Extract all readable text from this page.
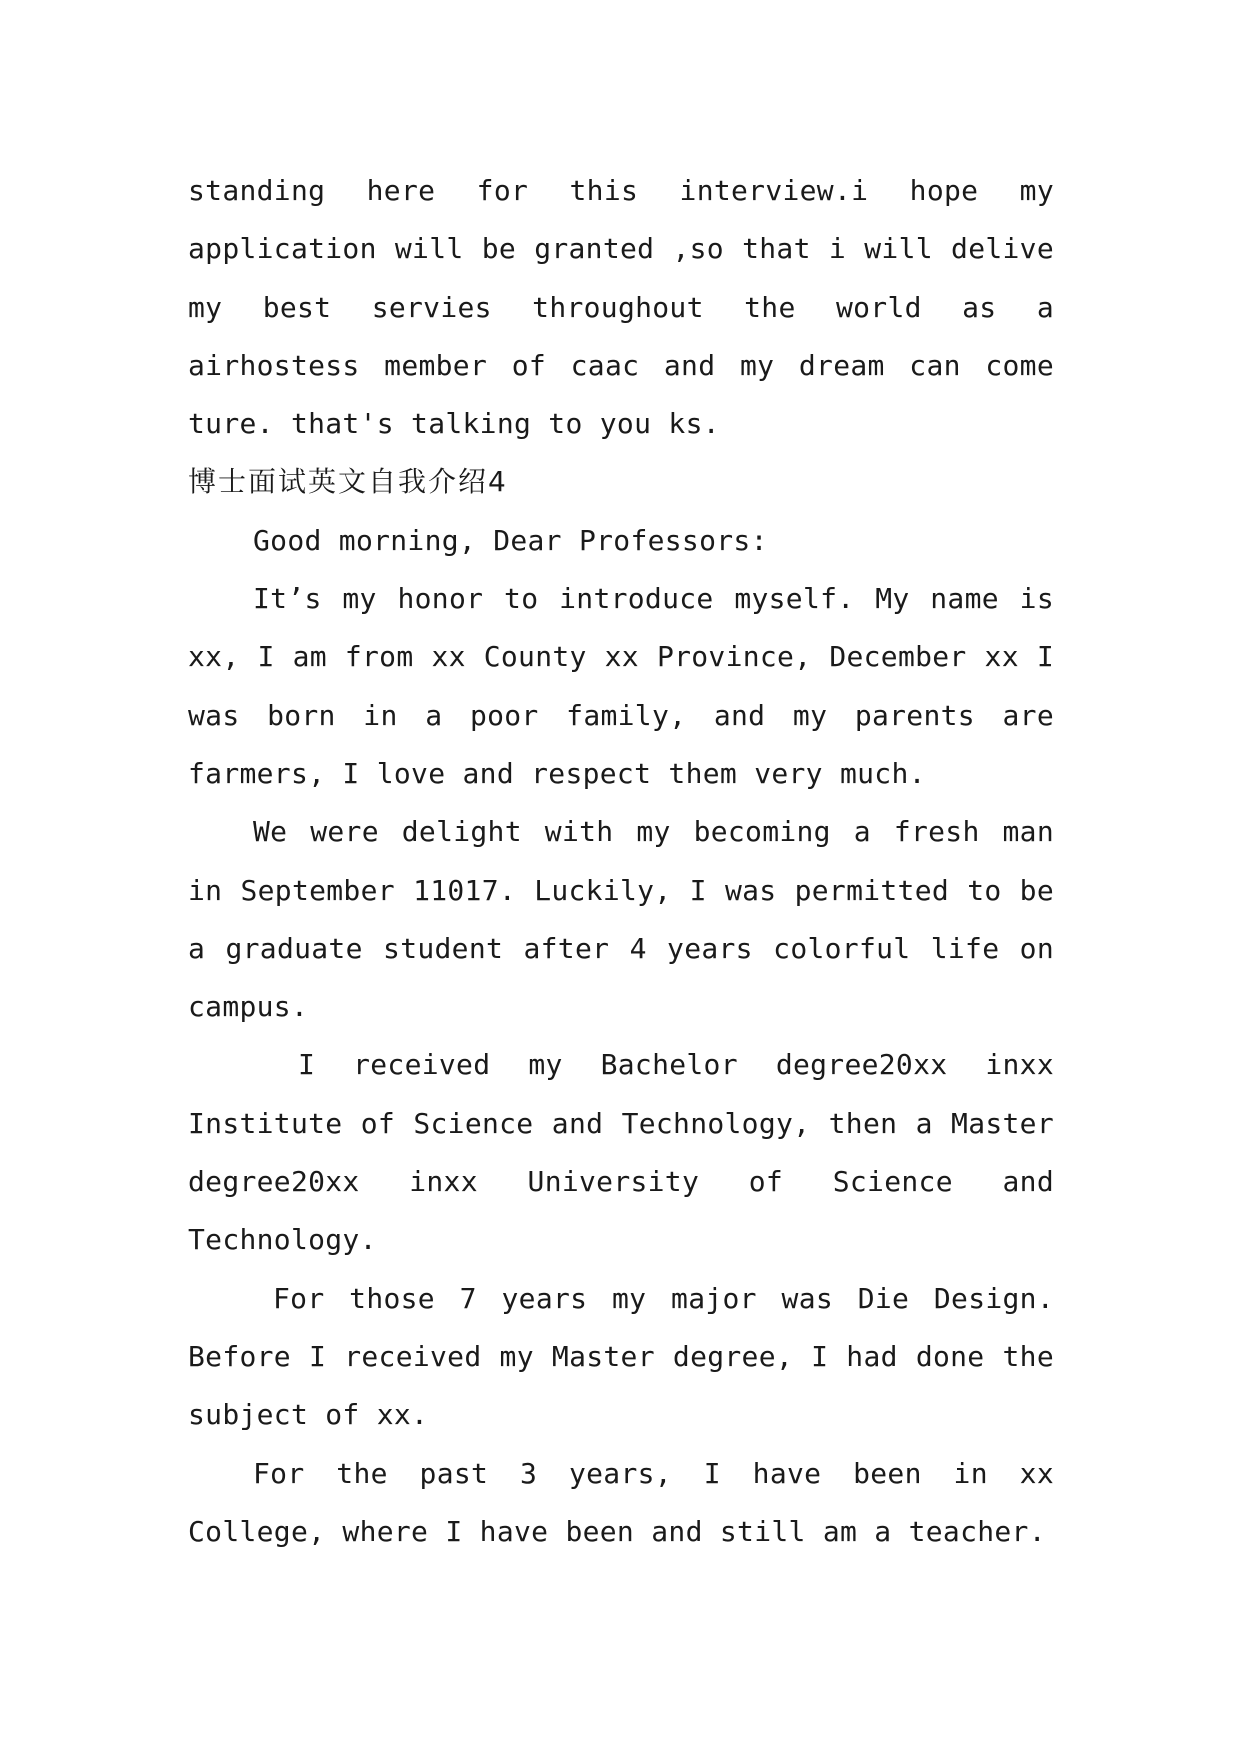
standing here for this interview.i hope my application will be granted ,so that i will delive my best servies throughout the world as a airhostess member of caac and my dream can come ture. that's talking to you ks.

博士面试英文自我介绍4

Good morning, Dear Professors:

It’s my honor to introduce myself. My name is xx, I am from xx County xx Province, December xx I was born in a poor family, and my parents are farmers, I love and respect them very much.

We were delight with my becoming a fresh man in September 11017. Luckily, I was permitted to be a graduate student after 4 years colorful life on campus.

I received my Bachelor degree20xx inxx Institute of Science and Technology, then a Master degree20xx inxx University of Science and Technology.

For those 7 years my major was Die Design. Before I received my Master degree, I had done the subject of xx.

For the past 3 years, I have been in xx College, where I have been and still am a teacher.
